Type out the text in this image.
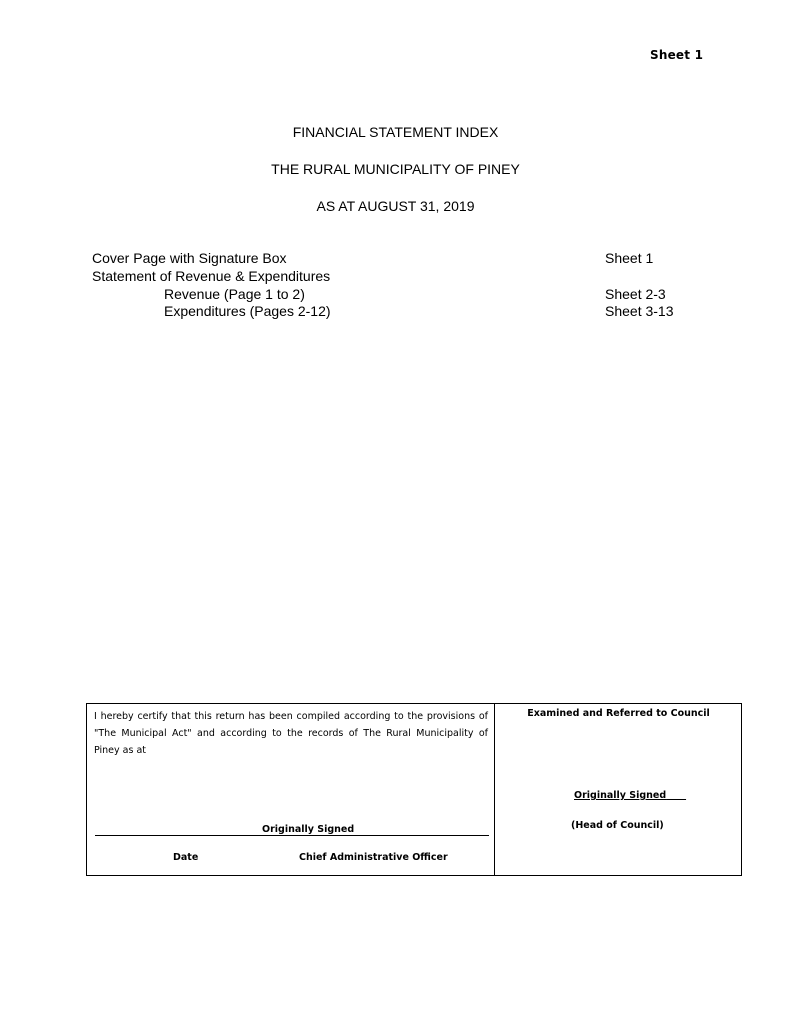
Sheet 1
FINANCIAL STATEMENT INDEX
THE RURAL MUNICIPALITY OF PINEY
AS AT AUGUST 31, 2019
Cover Page with Signature Box	Sheet 1
Statement of Revenue & Expenditures
Revenue (Page 1 to 2)	Sheet 2-3
Expenditures (Pages 2-12)	Sheet 3-13
I hereby certify that this return has been compiled according to the provisions of "The Municipal Act" and according to the records of The Rural Municipality of Piney as at
Originally Signed
Date	Chief Administrative Officer
Examined and Referred to Council
Originally Signed
(Head of Council)
